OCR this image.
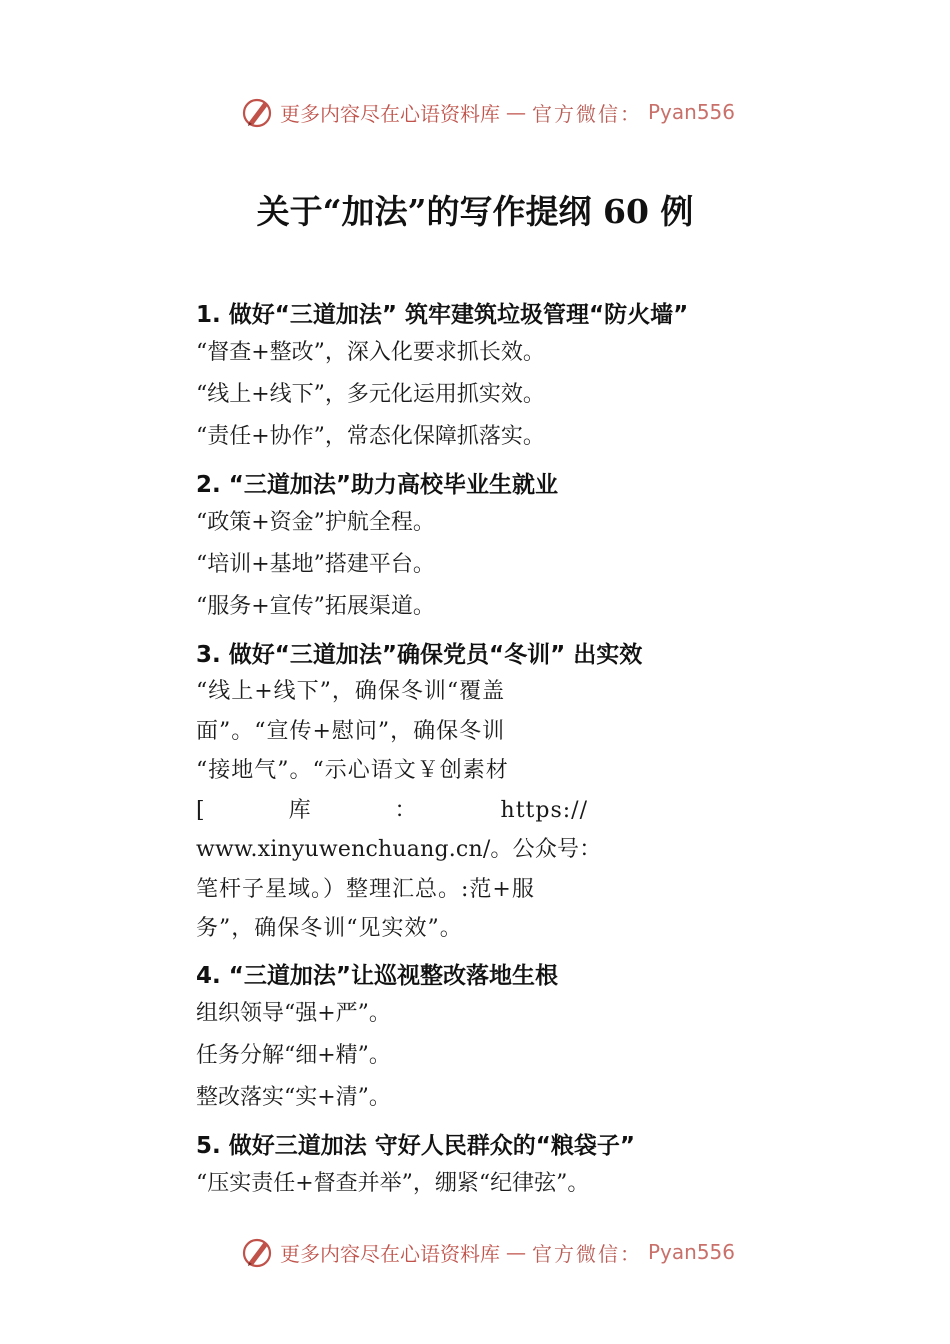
更多内容尽在心语资料库 — 官方微信： Pyan556
关于“加法”的写作提纲 60 例
1. 做好“三道加法” 筑牢建筑垃圾管理“防火墙”
“督查+整改”，深入化要求抓长效。
“线上+线下”，多元化运用抓实效。
“责任+协作”，常态化保障抓落实。
2. “三道加法”助力高校毕业生就业
“政策+资金”护航全程。
“培训+基地”搭建平台。
“服务+宣传”拓展渠道。
3. 做好“三道加法”确保党员“冬训” 出实效
“线上+线下”，确保冬训“覆盖
面”。“宣传+慰问”，确保冬训
“接地气”。“示心语文￥创素材
[	库	：	https://
www.xinyuwenchuang.cn/。公众号：
笔杆子星域。）整理汇总。:范+服
务”，确保冬训“见实效”。
4. “三道加法”让巡视整改落地生根
组织领导“强+严”。
任务分解“细+精”。
整改落实“实+清”。
5. 做好三道加法 守好人民群众的“粮袋子”
“压实责任+督查并举”，绷紧“纪律弦”。
更多内容尽在心语资料库 — 官方微信： Pyan556
